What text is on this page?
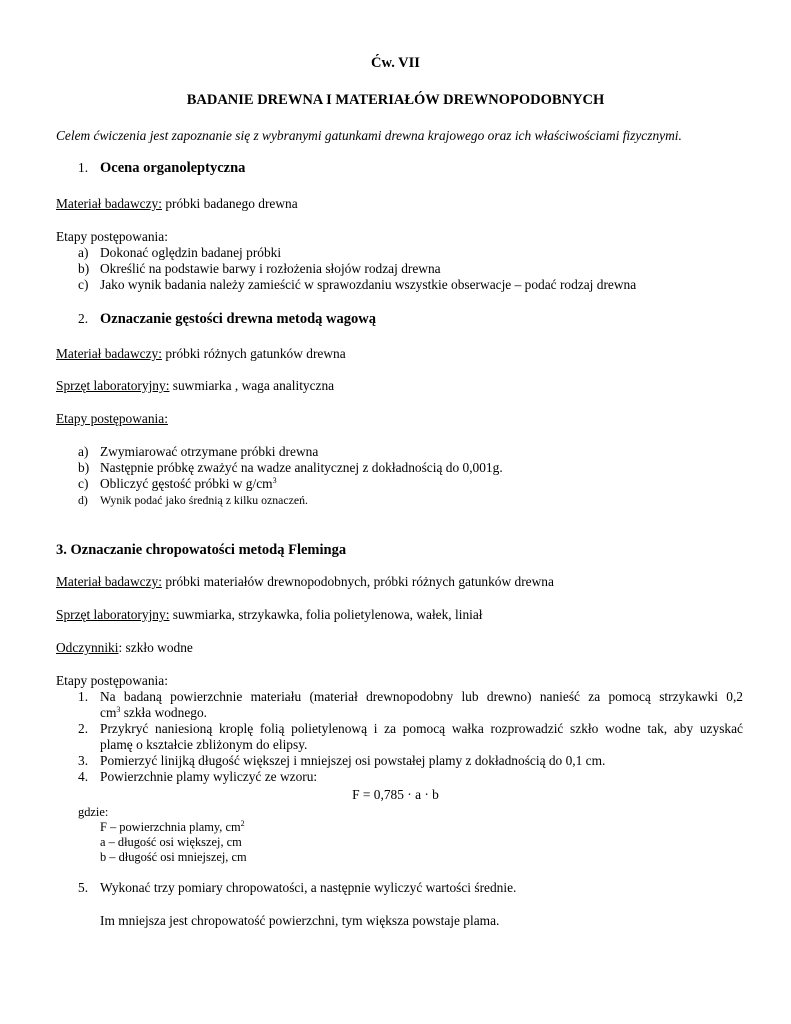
Ćw. VII
BADANIE DREWNA I MATERIAŁÓW DREWNOPODOBNYCH
Celem ćwiczenia jest zapoznanie się z wybranymi gatunkami drewna krajowego oraz ich właściwościami fizycznymi.
1. Ocena organoleptyczna
Materiał badawczy: próbki badanego drewna
Etapy postępowania:
a) Dokonać oględzin badanej próbki
b) Określić na podstawie barwy i rozłożenia słojów rodzaj drewna
c) Jako wynik badania należy zamieścić w sprawozdaniu wszystkie obserwacje – podać rodzaj drewna
2. Oznaczanie gęstości drewna metodą wagową
Materiał badawczy: próbki różnych gatunków drewna
Sprzęt laboratoryjny: suwmiarka , waga analityczna
Etapy postępowania:
a) Zwymiarować otrzymane próbki drewna
b) Następnie próbkę zważyć na wadze analitycznej z dokładnością do 0,001g.
c) Obliczyć gęstość próbki w $g/cm^3$
d) Wynik podać jako średnią z kilku oznaczeń.
3. Oznaczanie chropowatości metodą Fleminga
Materiał badawczy: próbki materiałów drewnopodobnych, próbki różnych gatunków drewna
Sprzęt laboratoryjny: suwmiarka, strzykawka, folia polietylenowa, wałek, liniał
Odczynniki: szkło wodne
Etapy postępowania:
1. Na badaną powierzchnie materiału (materiał drewnopodobny lub drewno) nanieść za pomocą strzykawki 0,2
$cm^3$ szkła wodnego.
2. Przykryć naniesioną kroplę folią polietylenową i za pomocą wałka rozprowadzić szkło wodne tak, aby uzyskać
plamę o kształcie zbliżonym do elipsy.
3. Pomierzyć linijką długość większej i mniejszej osi powstałej plamy z dokładnością do 0,1 cm.
4. Powierzchnie plamy wyliczyć ze wzoru:
F = 0,785 · a · b
gdzie:
F – powierzchnia plamy, $cm^2$
a – długość osi większej, cm
b – długość osi mniejszej, cm
5. Wykonać trzy pomiary chropowatości, a następnie wyliczyć wartości średnie.
Im mniejsza jest chropowatość powierzchni, tym większa powstaje plama.
